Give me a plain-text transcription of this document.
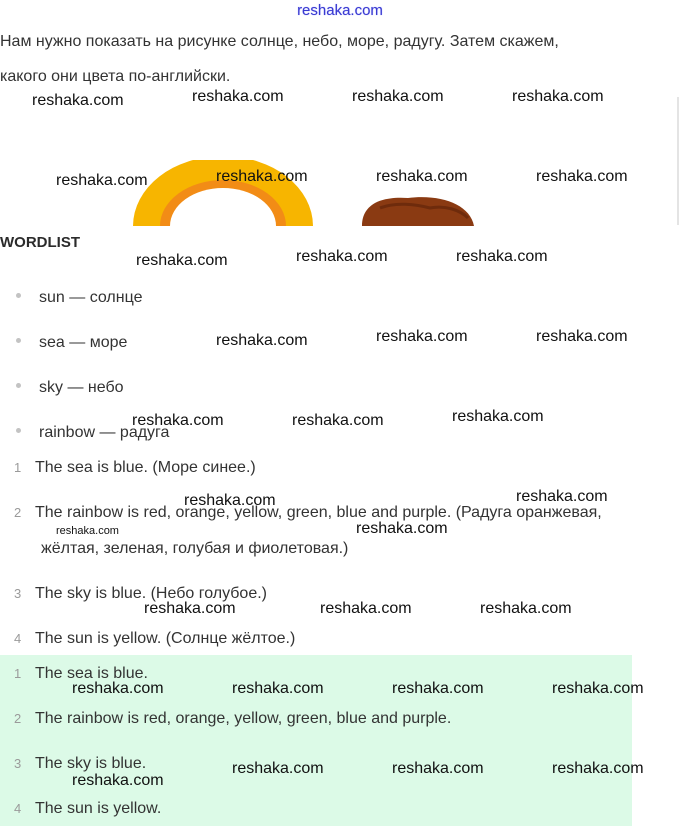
reshaka.com
Нам нужно показать на рисунке солнце, небо, море, радугу. Затем скажем,
какого они цвета по-английски.
WORDLIST
sun — солнце
sea — море
sky — небо
rainbow — радуга
1 The sea is blue. (Море синее.)
2 The rainbow is red, orange, yellow, green, blue and purple. (Радуга оранжевая,
жёлтая, зеленая, голубая и фиолетовая.)
3 The sky is blue. (Небо голубое.)
4 The sun is yellow. (Солнце жёлтое.)
1 The sea is blue.
2 The rainbow is red, orange, yellow, green, blue and purple.
3 The sky is blue.
4 The sun is yellow.
reshaka.com	reshaka.com	reshaka.com	reshaka.com
reshaka.com	reshaka.com	reshaka.com	reshaka.com
reshaka.com	reshaka.com	reshaka.com
reshaka.com	reshaka.com	reshaka.com
reshaka.com	reshaka.com	reshaka.com
reshaka.com	reshaka.com
reshaka.com	reshaka.com
reshaka.com	reshaka.com	reshaka.com
reshaka.com	reshaka.com	reshaka.com	reshaka.com
reshaka.com
reshaka.com	reshaka.com	reshaka.com
